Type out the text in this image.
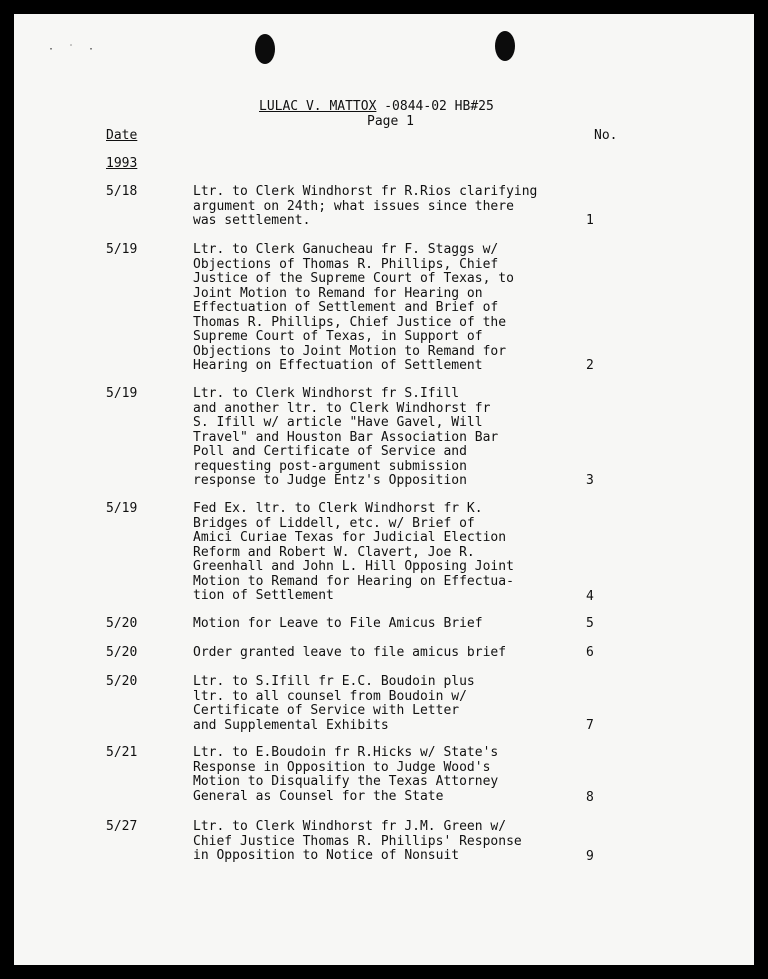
·˙·
LULAC V. MATTOX -0844-02 HB#25
Page 1
Date	No.
1993
5/18	Ltr. to Clerk Windhorst fr R.Rios clarifying
argument on 24th; what issues since there
was settlement.	1
5/19	Ltr. to Clerk Ganucheau fr F. Staggs w/
Objections of Thomas R. Phillips, Chief
Justice of the Supreme Court of Texas, to
Joint Motion to Remand for Hearing on
Effectuation of Settlement and Brief of
Thomas R. Phillips, Chief Justice of the
Supreme Court of Texas, in Support of
Objections to Joint Motion to Remand for
Hearing on Effectuation of Settlement	2
5/19	Ltr. to Clerk Windhorst fr S.Ifill
and another ltr. to Clerk Windhorst fr
S. Ifill w/ article "Have Gavel, Will
Travel" and Houston Bar Association Bar
Poll and Certificate of Service and
requesting post-argument submission
response to Judge Entz's Opposition	3
5/19	Fed Ex. ltr. to Clerk Windhorst fr K.
Bridges of Liddell, etc. w/ Brief of
Amici Curiae Texas for Judicial Election
Reform and Robert W. Clavert, Joe R.
Greenhall and John L. Hill Opposing Joint
Motion to Remand for Hearing on Effectua-
tion of Settlement	4
5/20	Motion for Leave to File Amicus Brief	5
5/20	Order granted leave to file amicus brief	6
5/20	Ltr. to S.Ifill fr E.C. Boudoin plus
ltr. to all counsel from Boudoin w/
Certificate of Service with Letter
and Supplemental Exhibits	7
5/21	Ltr. to E.Boudoin fr R.Hicks w/ State's
Response in Opposition to Judge Wood's
Motion to Disqualify the Texas Attorney
General as Counsel for the State	8
5/27	Ltr. to Clerk Windhorst fr J.M. Green w/
Chief Justice Thomas R. Phillips' Response
in Opposition to Notice of Nonsuit	9
